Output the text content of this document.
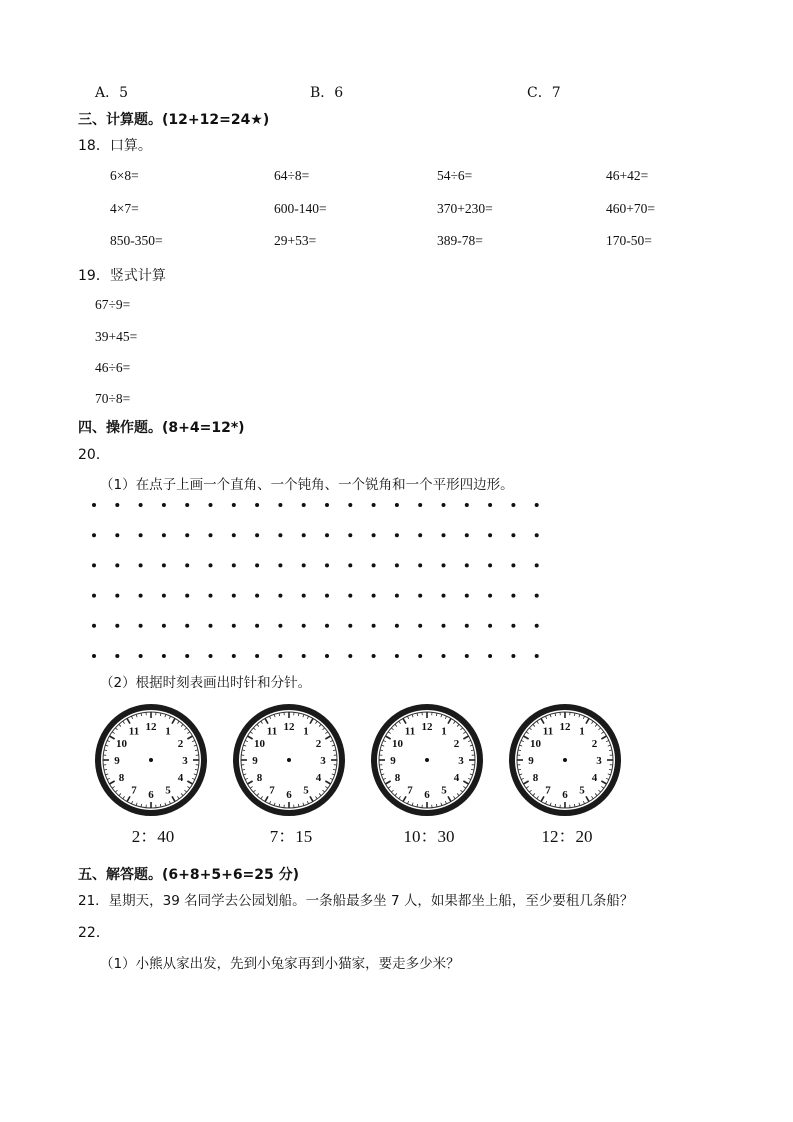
A．5	B．6	C．7
三、计算题。(12+12=24★)
18．口算。
6×8=	64÷8=	54÷6=	46+42=
4×7=	600-140=	370+230=	460+70=
850-350=	29+53=	389-78=	170-50=
19．竖式计算
67÷9=
39+45=
46÷6=
70÷8=
四、操作题。(8+4=12*)
20．
（1）在点子上画一个直角、一个钝角、一个锐角和一个平形四边形。
（2）根据时刻表画出时针和分针。
12 1
2
3
4
5
6
7
8
9
10
11
2：40
12 1
2
3
4
5
6
7
8
9
10
11
7：15
12 1
2
3
4
5
6
7
8
9
10
11
10：30
12 1
2
3
4
5
6
7
8
9
10
11
12：20
五、解答题。(6+8+5+6=25 分)
21．星期天，39 名同学去公园划船。一条船最多坐 7 人，如果都坐上船，至少要租几条船？
22．
（1）小熊从家出发，先到小兔家再到小猫家，要走多少米？
